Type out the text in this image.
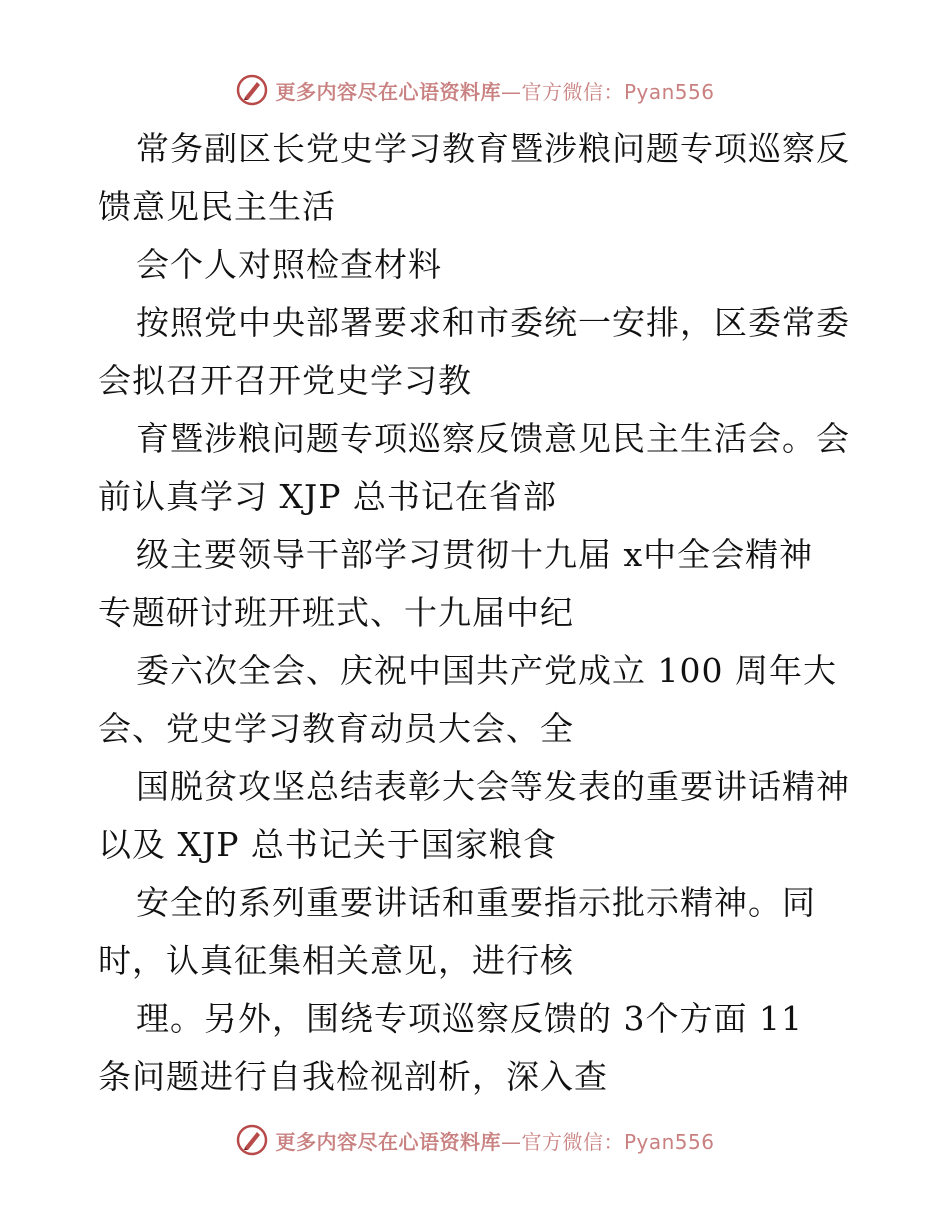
更多内容尽在心语资料库—官方微信：Pyan556
常务副区长党史学习教育暨涉粮问题专项巡察反
馈意见民主生活
会个人对照检查材料
按照党中央部署要求和市委统一安排，区委常委
会拟召开召开党史学习教
育暨涉粮问题专项巡察反馈意见民主生活会。会
前认真学习 XJP 总书记在省部
级主要领导干部学习贯彻十九届 x中全会精神
专题研讨班开班式、十九届中纪
委六次全会、庆祝中国共产党成立 100 周年大
会、党史学习教育动员大会、全
国脱贫攻坚总结表彰大会等发表的重要讲话精神
以及 XJP 总书记关于国家粮食
安全的系列重要讲话和重要指示批示精神。同
时，认真征集相关意见，进行核
理。另外，围绕专项巡察反馈的 3个方面 11
条问题进行自我检视剖析，深入查
更多内容尽在心语资料库—官方微信：Pyan556
